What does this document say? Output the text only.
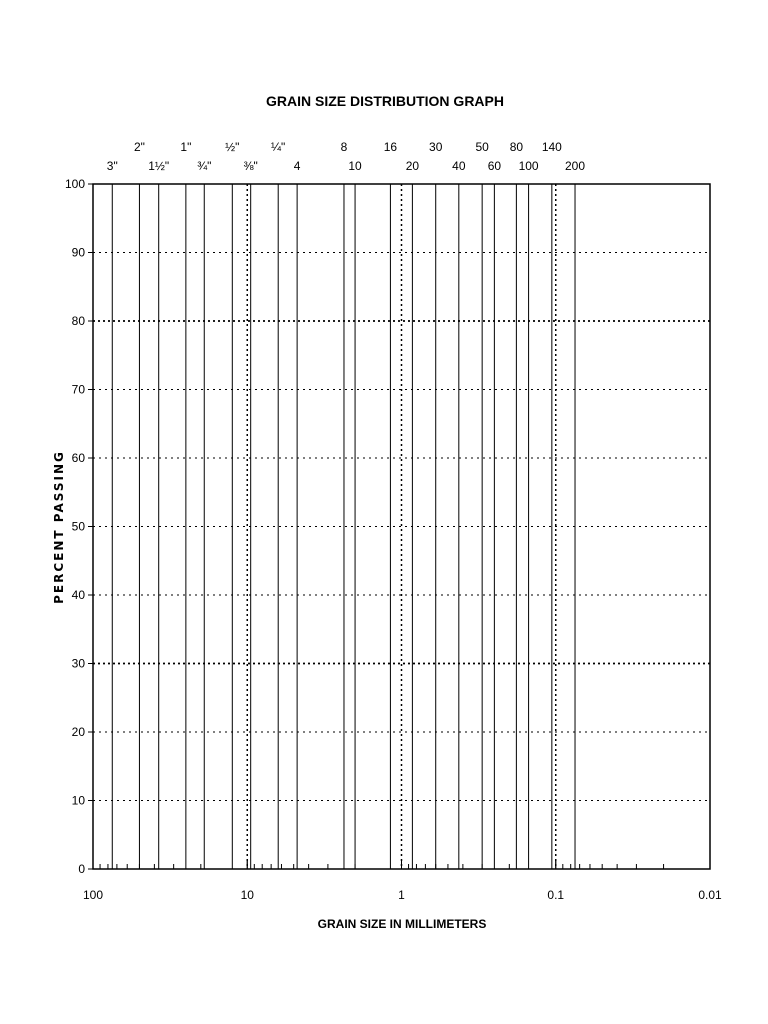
GRAIN SIZE DISTRIBUTION GRAPH
0
10
20
30
40
50
60
70
80
90
100
100	10	1	0.1	0.01
3"
2"
1½"
1"
¾"
½"
⅜"
¼"
4
8
10
16
20
30
40
50
60
80
100
140
200
PERCENT PASSING
GRAIN SIZE IN MILLIMETERS
